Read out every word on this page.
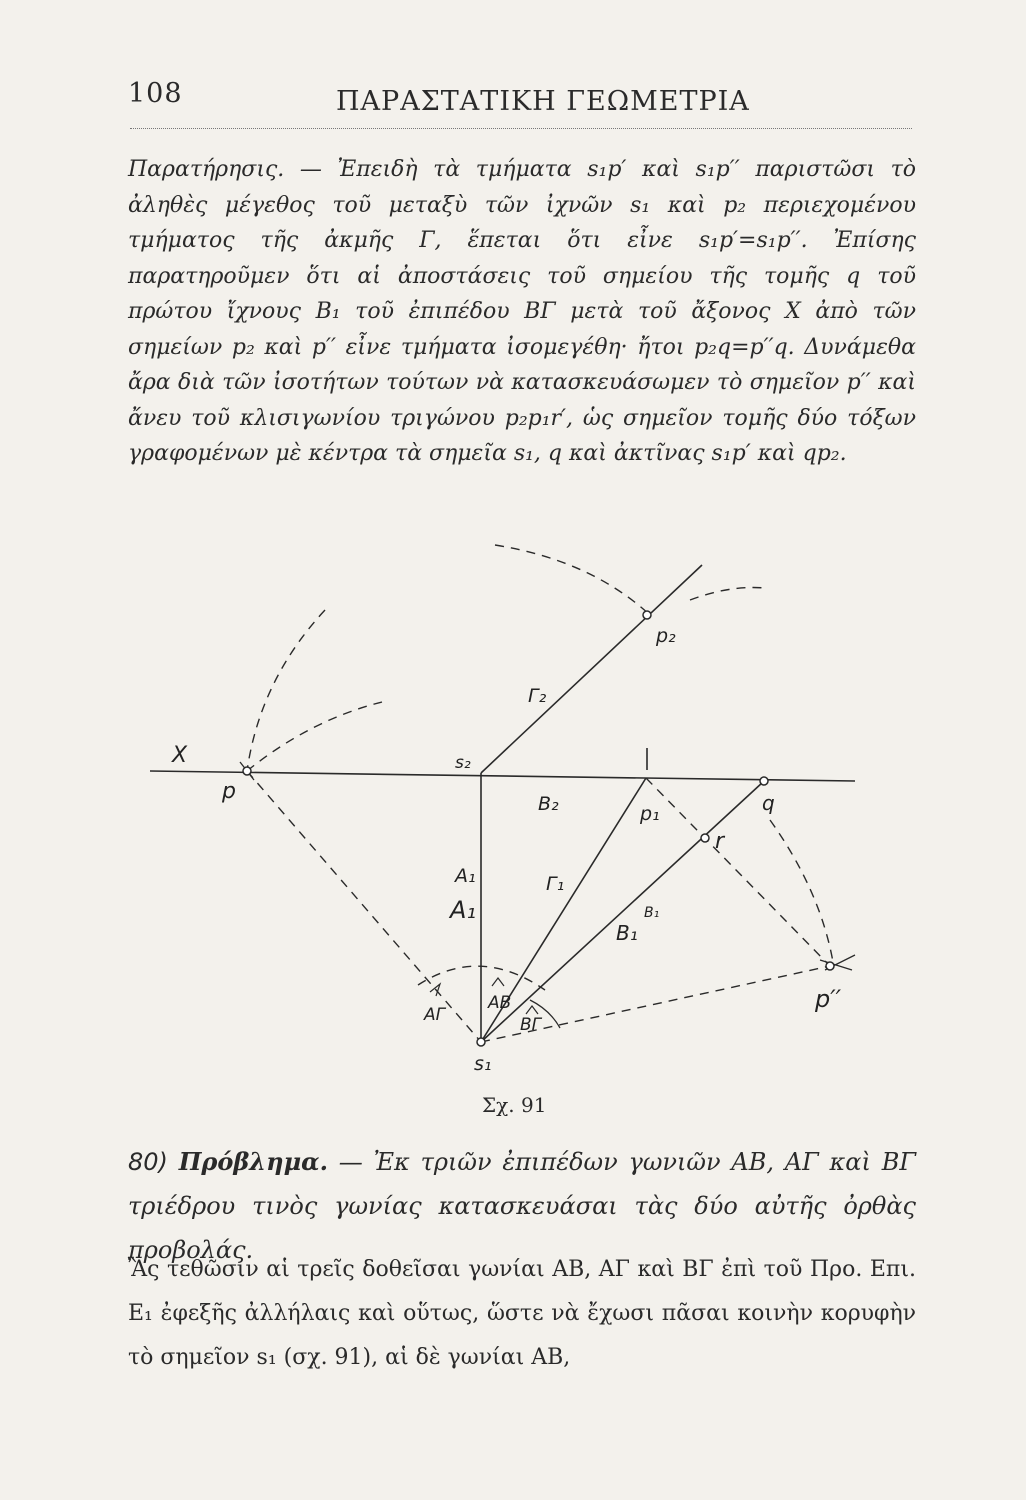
108	ΠΑΡΑΣΤΑΤΙΚΗ ΓΕΩΜΕΤΡΙΑ

Παρατήρησις. — Ἐπειδὴ τὰ τμήματα s₁p′ καὶ s₁p′′ παριστῶσι τὸ ἀληθὲς μέγεθος τοῦ μεταξὺ τῶν ἰχνῶν s₁ καὶ p₂ περιεχομένου τμήματος τῆς ἀκμῆς Γ, ἕπεται ὅτι εἶνε s₁p′=s₁p′′. Ἐπίσης παρατηροῦμεν ὅτι αἱ ἀποστάσεις τοῦ σημείου τῆς τομῆς q τοῦ πρώτου ἴχνους B₁ τοῦ ἐπιπέδου BΓ μετὰ τοῦ ἄξονος X ἀπὸ τῶν σημείων p₂ καὶ p′′ εἶνε τμήματα ἰσομεγέθη· ἤτοι p₂q=p′′q. Δυνάμεθα ἄρα διὰ τῶν ἰσοτήτων τούτων νὰ κατασκευάσωμεν τὸ σημεῖον p′′ καὶ ἄνευ τοῦ κλισιγωνίου τριγώνου p₂p₁r′, ὡς σημεῖον τομῆς δύο τόξων γραφομένων μὲ κέντρα τὰ σημεῖα s₁, q καὶ ἀκτῖνας s₁p′ καὶ qp₂.

X
p
s₂
B₂
Γ₂
p₂
p₁	q
r
A₁
A₁
Γ₁
B₁
B₁
p′′
s₁
AΓ
AB
BΓ
Σχ. 91

80) Πρόβλημα. — Ἐκ τριῶν ἐπιπέδων γωνιῶν AB, AΓ καὶ BΓ τριέδρου τινὸς γωνίας κατασκευάσαι τὰς δύο αὐτῆς ὀρθὰς προβολάς.

Ἂς τεθῶσιν αἱ τρεῖς δοθεῖσαι γωνίαι AB, AΓ καὶ BΓ ἐπὶ τοῦ Προ. Επι. E₁ ἐφεξῆς ἀλλήλαις καὶ οὕτως, ὥστε νὰ ἔχωσι πᾶσαι κοινὴν κορυφὴν τὸ σημεῖον s₁ (σχ. 91), αἱ δὲ γωνίαι AB,
